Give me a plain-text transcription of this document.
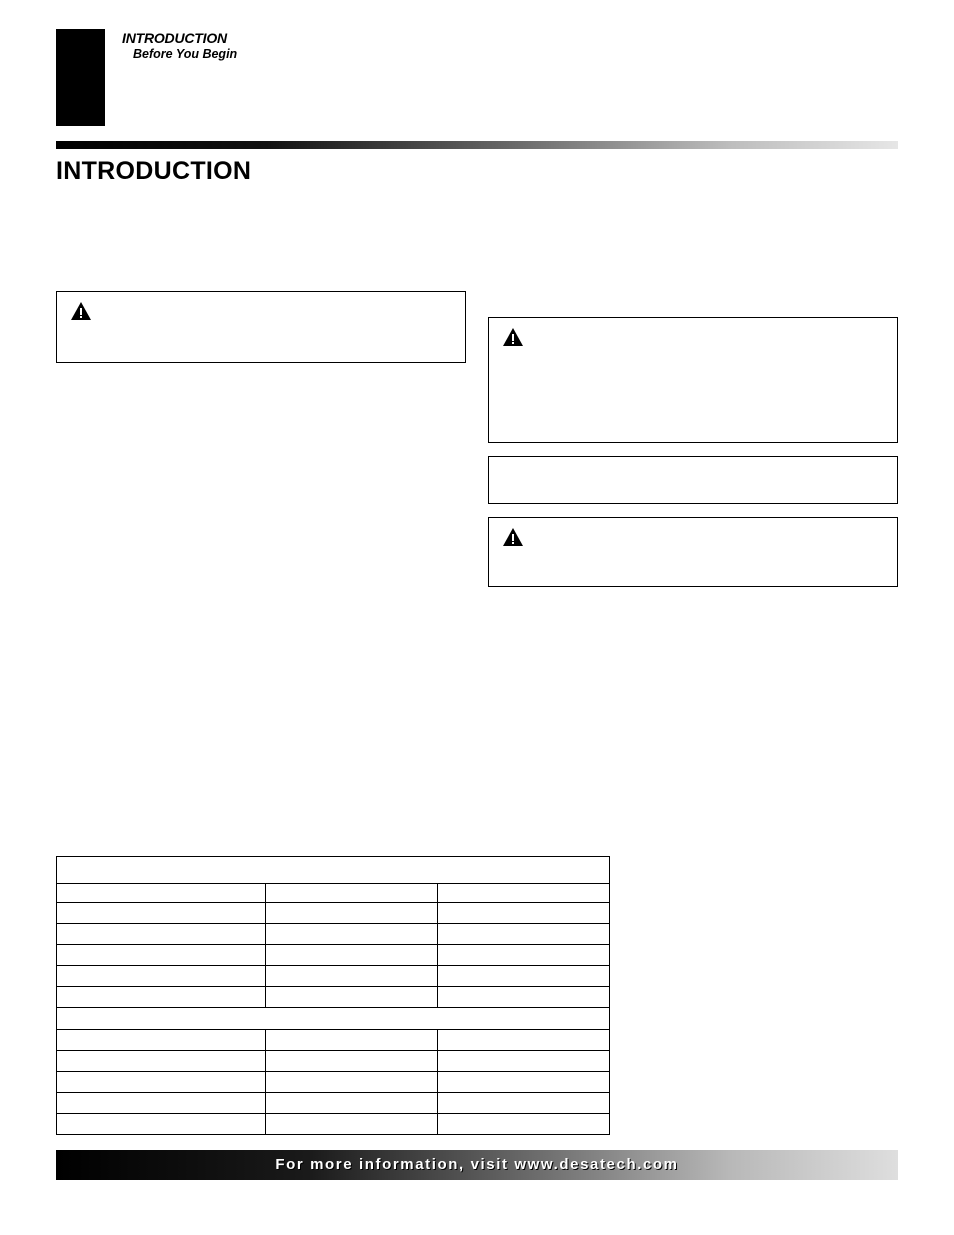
INTRODUCTION
Before You Begin
INTRODUCTION

For more information, visit www.desatech.com
